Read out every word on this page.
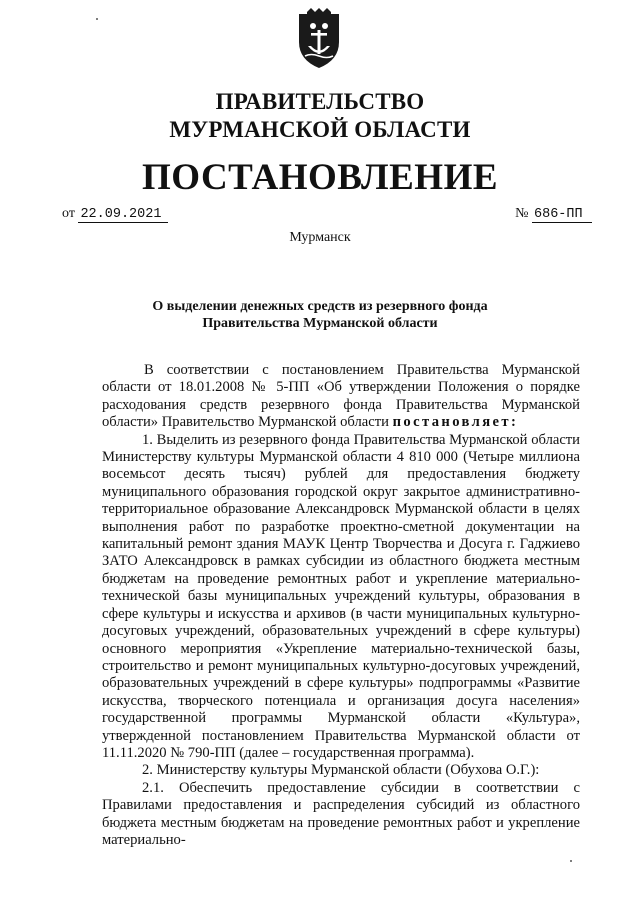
ПРАВИТЕЛЬСТВО
МУРМАНСКОЙ ОБЛАСТИ
ПОСТАНОВЛЕНИЕ
от 22.09.2021	№ 686-ПП
Мурманск
О выделении денежных средств из резервного фонда
Правительства Мурманской области

В соответствии с постановлением Правительства Мурманской области от 18.01.2008 № 5-ПП «Об утверждении Положения о порядке расходования средств резервного фонда Правительства Мурманской области» Правительство Мурманской области постановляет:

1. Выделить из резервного фонда Правительства Мурманской области Министерству культуры Мурманской области 4 810 000 (Четыре миллиона восемьсот десять тысяч) рублей для предоставления бюджету муниципального образования городской округ закрытое административно-территориальное образование Александровск Мурманской области в целях выполнения работ по разработке проектно-сметной документации на капитальный ремонт здания МАУК Центр Творчества и Досуга г. Гаджиево ЗАТО Александровск в рамках субсидии из областного бюджета местным бюджетам на проведение ремонтных работ и укрепление материально-технической базы муниципальных учреждений культуры, образования в сфере культуры и искусства и архивов (в части муниципальных культурно-досуговых учреждений, образовательных учреждений в сфере культуры) основного мероприятия «Укрепление материально-технической базы, строительство и ремонт муниципальных культурно-досуговых учреждений, образовательных учреждений в сфере культуры» подпрограммы «Развитие искусства, творческого потенциала и организация досуга населения» государственной программы Мурманской области «Культура», утвержденной постановлением Правительства Мурманской области от 11.11.2020 № 790-ПП (далее – государственная программа).

2. Министерству культуры Мурманской области (Обухова О.Г.):

2.1. Обеспечить предоставление субсидии в соответствии с Правилами предоставления и распределения субсидий из областного бюджета местным бюджетам на проведение ремонтных работ и укрепление материально-
